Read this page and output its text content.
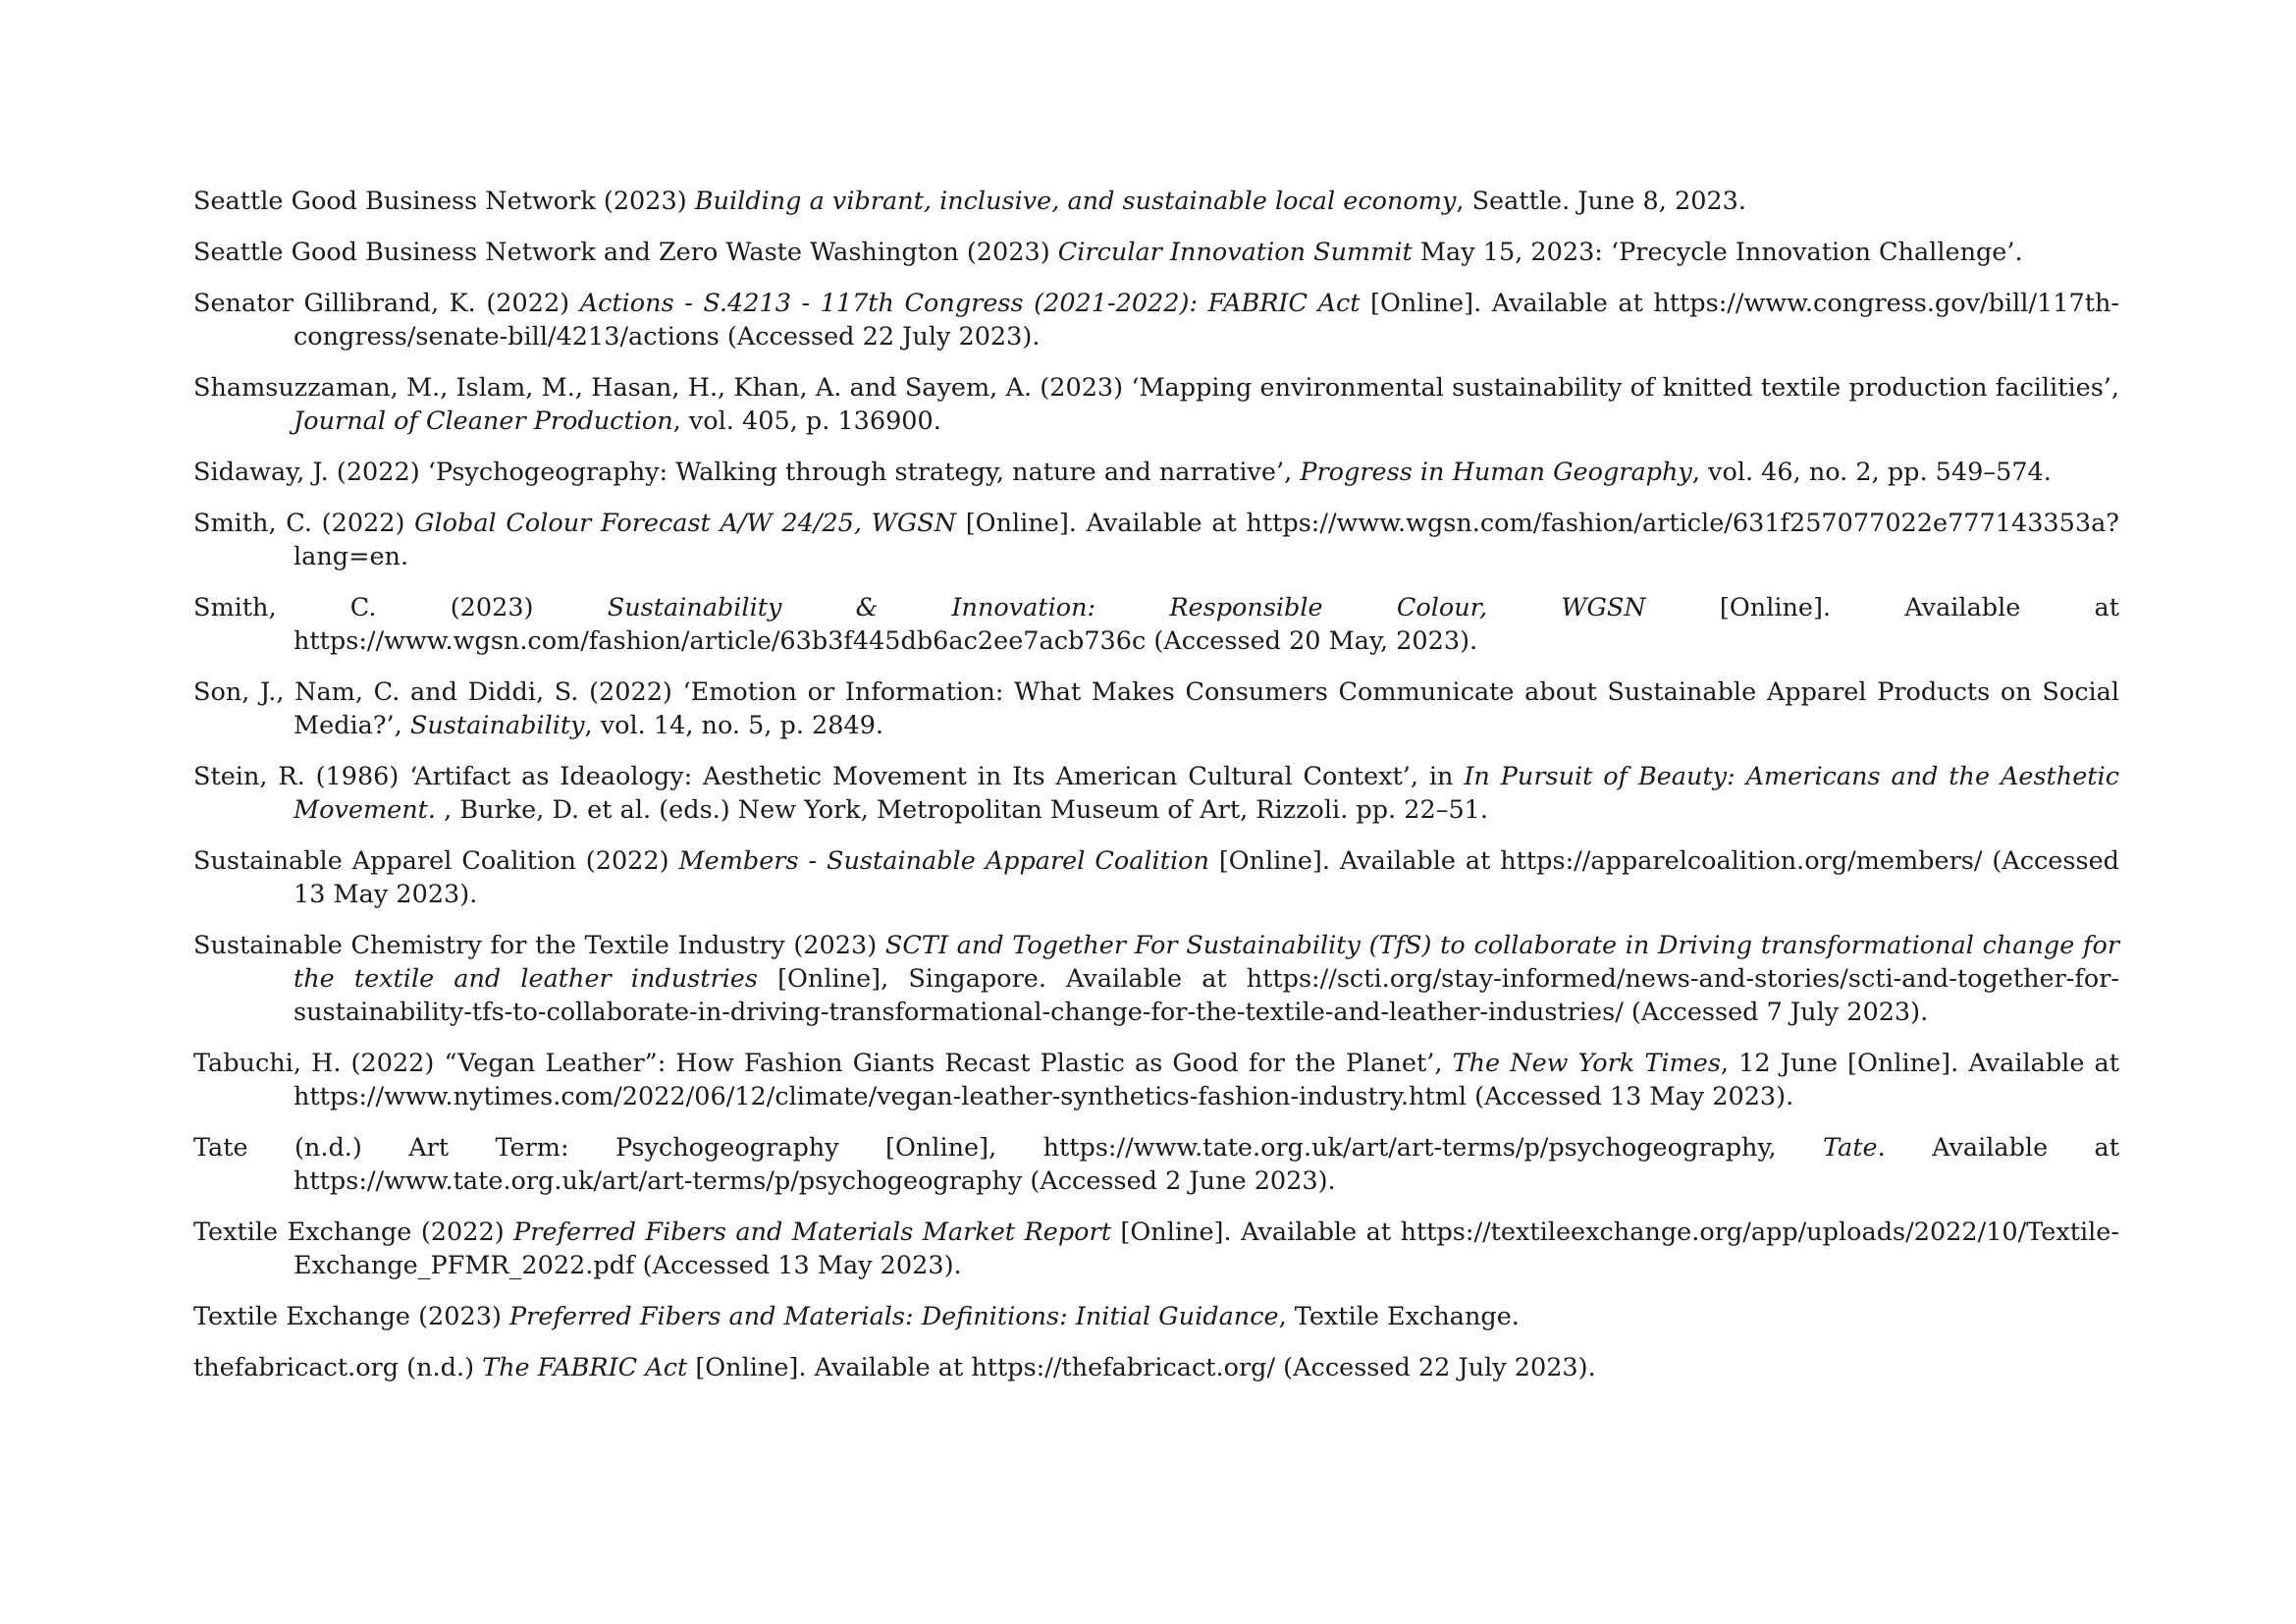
Seattle Good Business Network (2023) Building a vibrant, inclusive, and sustainable local economy, Seattle. June 8, 2023.

Seattle Good Business Network and Zero Waste Washington (2023) Circular Innovation Summit May 15, 2023: ‘Precycle Innovation Challenge’.

Senator Gillibrand, K. (2022) Actions - S.4213 - 117th Congress (2021-2022): FABRIC Act [Online]. Available at https://www.congress.gov/bill/117th-congress/senate-bill/4213/actions (Accessed 22 July 2023).

Shamsuzzaman, M., Islam, M., Hasan, H., Khan, A. and Sayem, A. (2023) ‘Mapping environmental sustainability of knitted textile production facilities’, Journal of Cleaner Production, vol. 405, p. 136900.

Sidaway, J. (2022) ‘Psychogeography: Walking through strategy, nature and narrative’, Progress in Human Geography, vol. 46, no. 2, pp. 549–574.

Smith, C. (2022) Global Colour Forecast A/W 24/25, WGSN [Online]. Available at https://www.wgsn.com/fashion/article/631f257077022e777143353a?lang=en.

Smith, C. (2023) Sustainability & Innovation: Responsible Colour, WGSN [Online]. Available at https://www.wgsn.com/fashion/article/63b3f445db6ac2ee7acb736c (Accessed 20 May, 2023).

Son, J., Nam, C. and Diddi, S. (2022) ‘Emotion or Information: What Makes Consumers Communicate about Sustainable Apparel Products on Social Media?’, Sustainability, vol. 14, no. 5, p. 2849.

Stein, R. (1986) ‘Artifact as Ideaology: Aesthetic Movement in Its American Cultural Context’, in In Pursuit of Beauty: Americans and the Aesthetic Movement. , Burke, D. et al. (eds.) New York, Metropolitan Museum of Art, Rizzoli. pp. 22–51.

Sustainable Apparel Coalition (2022) Members - Sustainable Apparel Coalition [Online]. Available at https://apparelcoalition.org/members/ (Accessed 13 May 2023).

Sustainable Chemistry for the Textile Industry (2023) SCTI and Together For Sustainability (TfS) to collaborate in Driving transformational change for the textile and leather industries [Online], Singapore. Available at https://scti.org/stay-informed/news-and-stories/scti-and-together-for-sustainability-tfs-to-collaborate-in-driving-transformational-change-for-the-textile-and-leather-industries/ (Accessed 7 July 2023).

Tabuchi, H. (2022) “Vegan Leather”: How Fashion Giants Recast Plastic as Good for the Planet’, The New York Times, 12 June [Online]. Available at https://www.nytimes.com/2022/06/12/climate/vegan-leather-synthetics-fashion-industry.html (Accessed 13 May 2023).

Tate (n.d.) Art Term: Psychogeography [Online], https://www.tate.org.uk/art/art-terms/p/psychogeography, Tate. Available at https://www.tate.org.uk/art/art-terms/p/psychogeography (Accessed 2 June 2023).

Textile Exchange (2022) Preferred Fibers and Materials Market Report [Online]. Available at https://textileexchange.org/app/uploads/2022/10/Textile-Exchange_PFMR_2022.pdf (Accessed 13 May 2023).

Textile Exchange (2023) Preferred Fibers and Materials: Definitions: Initial Guidance, Textile Exchange.

thefabricact.org (n.d.) The FABRIC Act [Online]. Available at https://thefabricact.org/ (Accessed 22 July 2023).
